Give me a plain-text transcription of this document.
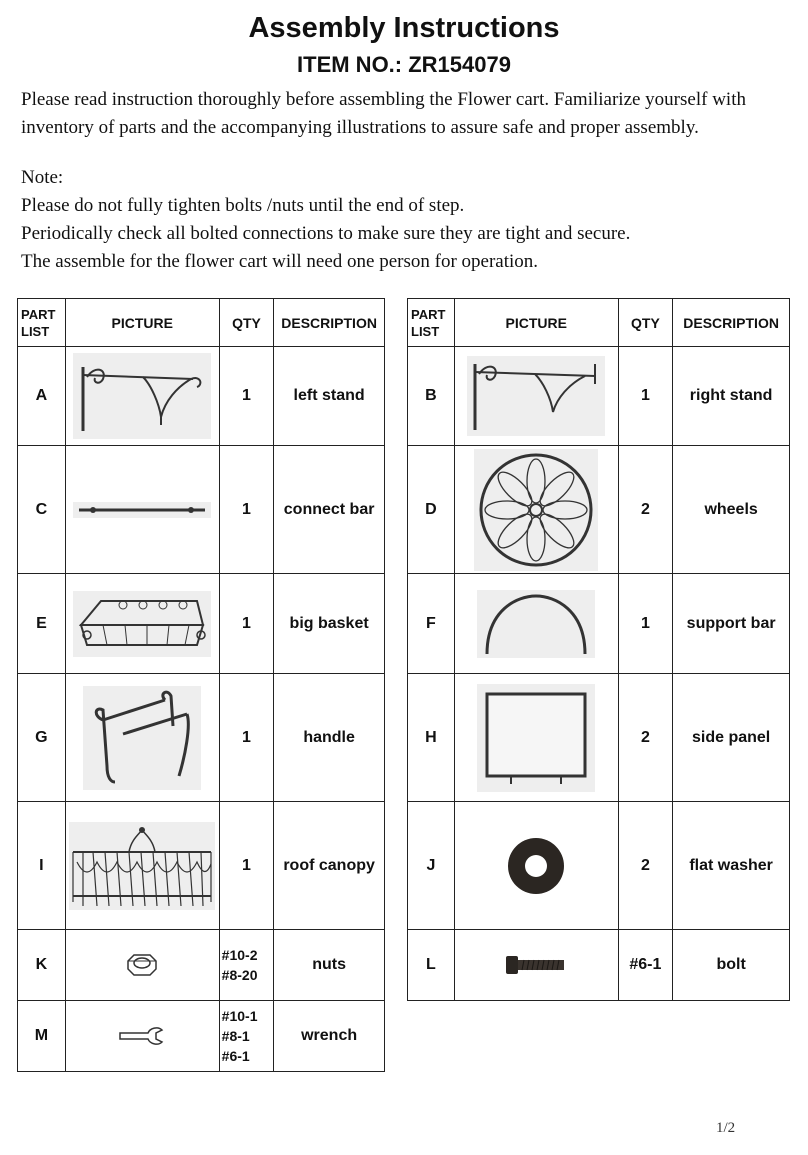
Assembly Instructions
ITEM NO.: ZR154079
Please read instruction thoroughly before assembling the Flower cart. Familiarize yourself with inventory of parts and the accompanying illustrations to assure safe and proper assembly.
Note:
Please do not fully tighten bolts /nuts until the end of step.
Periodically check all bolted connections to make sure they are tight and secure.
The assemble for the flower cart will need one person for operation.
PART
LIST	PICTURE	QTY	DESCRIPTION
A		1	left stand
C		1	connect bar
E		1	big basket
G		1	handle
I		1	roof canopy
K		#10-2
#8-20	nuts
M		#10-1
#8-1
#6-1	wrench
PART
LIST	PICTURE	QTY	DESCRIPTION
B		1	right stand
D		2	wheels
F		1	support bar
H		2	side panel
J		2	flat washer
L		#6-1	bolt
1/2
